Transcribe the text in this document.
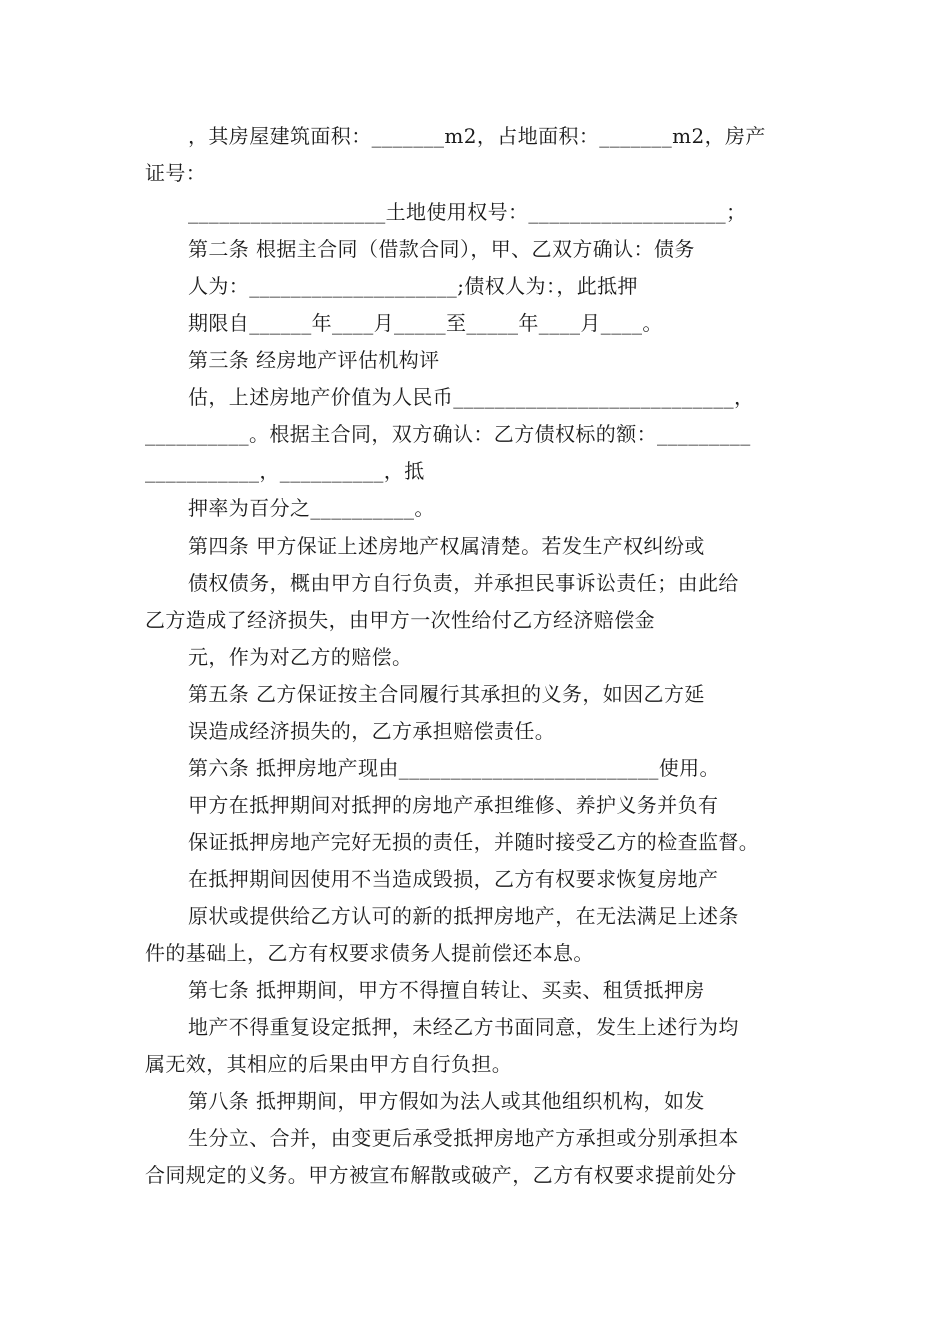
，其房屋建筑面积：_______m2，占地面积：_______m2，房产
证号：
___________________土地使用权号：___________________；
第二条 根据主合同（借款合同），甲、乙双方确认：债务
人为：____________________;债权人为：，此抵押
期限自______年____月_____至_____年____月____。
第三条 经房地产评估机构评
估，上述房地产价值为人民币___________________________，
__________。根据主合同，双方确认：乙方债权标的额：_________
___________，__________，抵
押率为百分之__________。
第四条 甲方保证上述房地产权属清楚。若发生产权纠纷或
债权债务，概由甲方自行负责，并承担民事诉讼责任；由此给
乙方造成了经济损失，由甲方一次性给付乙方经济赔偿金
元，作为对乙方的赔偿。
第五条 乙方保证按主合同履行其承担的义务，如因乙方延
误造成经济损失的，乙方承担赔偿责任。
第六条 抵押房地产现由_________________________使用。
甲方在抵押期间对抵押的房地产承担维修、养护义务并负有
保证抵押房地产完好无损的责任，并随时接受乙方的检查监督。
在抵押期间因使用不当造成毁损，乙方有权要求恢复房地产
原状或提供给乙方认可的新的抵押房地产，在无法满足上述条
件的基础上，乙方有权要求债务人提前偿还本息。
第七条 抵押期间，甲方不得擅自转让、买卖、租赁抵押房
地产不得重复设定抵押，未经乙方书面同意，发生上述行为均
属无效，其相应的后果由甲方自行负担。
第八条 抵押期间，甲方假如为法人或其他组织机构，如发
生分立、合并，由变更后承受抵押房地产方承担或分别承担本
合同规定的义务。甲方被宣布解散或破产，乙方有权要求提前处分
